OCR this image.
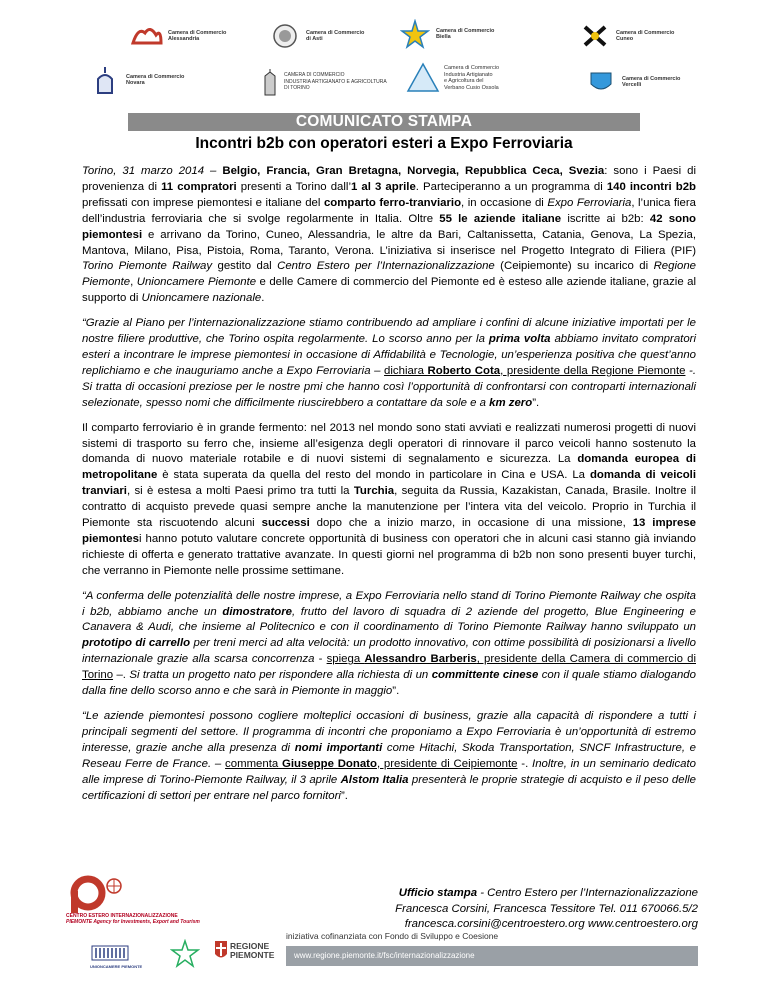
Camera di Commercio
Alessandria
Camera di Commercio
di Asti
Camera di Commercio
Biella
Camera di Commercio
Cuneo
Camera di Commercio
Novara
CAMERA DI COMMERCIO
INDUSTRIA ARTIGIANATO E AGRICOLTURA
DI TORINO
Camera di Commercio
Industria Artigianato
e Agricoltura del
Verbano Cusio Ossola
Camera di Commercio
Vercelli
COMUNICATO STAMPA
Incontri b2b con operatori esteri a Expo Ferroviaria

Torino, 31 marzo 2014 – Belgio, Francia, Gran Bretagna, Norvegia, Repubblica Ceca, Svezia: sono i Paesi di provenienza di 11 compratori presenti a Torino dall’1 al 3 aprile. Parteciperanno a un programma di 140 incontri b2b prefissati con imprese piemontesi e italiane del comparto ferro-tranviario, in occasione di Expo Ferroviaria, l’unica fiera dell’industria ferroviaria che si svolge regolarmente in Italia. Oltre 55 le aziende italiane iscritte ai b2b: 42 sono piemontesi e arrivano da Torino, Cuneo, Alessandria, le altre da Bari, Caltanissetta, Catania, Genova, La Spezia, Mantova, Milano, Pisa, Pistoia, Roma, Taranto, Verona. L’iniziativa si inserisce nel Progetto Integrato di Filiera (PIF) Torino Piemonte Railway gestito dal Centro Estero per l’Internazionalizzazione (Ceipiemonte) su incarico di Regione Piemonte, Unioncamere Piemonte e delle Camere di commercio del Piemonte ed è esteso alle aziende italiane, grazie al supporto di Unioncamere nazionale.

“Grazie al Piano per l’internazionalizzazione stiamo contribuendo ad ampliare i confini di alcune iniziative importati per le nostre filiere produttive, che Torino ospita regolarmente. Lo scorso anno per la prima volta abbiamo invitato compratori esteri a incontrare le imprese piemontesi in occasione di Affidabilità e Tecnologie, un’esperienza positiva che quest’anno replichiamo e che inauguriamo anche a Expo Ferroviaria – dichiara Roberto Cota, presidente della Regione Piemonte -. Si tratta di occasioni preziose per le nostre pmi che hanno così l’opportunità di confrontarsi con controparti internazionali selezionate, spesso nomi che difficilmente riuscirebbero a contattare da sole e a km zero”.

Il comparto ferroviario è in grande fermento: nel 2013 nel mondo sono stati avviati e realizzati numerosi progetti di nuovi sistemi di trasporto su ferro che, insieme all’esigenza degli operatori di rinnovare il parco veicoli hanno sostenuto la domanda di nuovo materiale rotabile e di nuovi sistemi di segnalamento e sicurezza. La domanda europea di metropolitane è stata superata da quella del resto del mondo in particolare in Cina e USA. La domanda di veicoli tranviari, si è estesa a molti Paesi primo tra tutti la Turchia, seguita da Russia, Kazakistan, Canada, Brasile. Inoltre il contratto di acquisto prevede quasi sempre anche la manutenzione per l’intera vita del veicolo. Proprio in Turchia il Piemonte sta riscuotendo alcuni successi dopo che a inizio marzo, in occasione di una missione, 13 imprese piemontesi hanno potuto valutare concrete opportunità di business con operatori che in alcuni casi stanno già inviando richieste di offerta e generato trattative avanzate. In questi giorni nel programma di b2b non sono presenti buyer turchi, che verranno in Piemonte nelle prossime settimane.

“A conferma delle potenzialità delle nostre imprese, a Expo Ferroviaria nello stand di Torino Piemonte Railway che ospita i b2b, abbiamo anche un dimostratore, frutto del lavoro di squadra di 2 aziende del progetto, Blue Engineering e Canavera & Audi, che insieme al Politecnico e con il coordinamento di Torino Piemonte Railway hanno sviluppato un prototipo di carrello per treni merci ad alta velocità: un prodotto innovativo, con ottime possibilità di posizionarsi a livello internazionale grazie alla scarsa concorrenza - spiega Alessandro Barberis, presidente della Camera di commercio di Torino –. Si tratta un progetto nato per rispondere alla richiesta di un committente cinese con il quale stiamo dialogando dalla fine dello scorso anno e che sarà in Piemonte in maggio”.

“Le aziende piemontesi possono cogliere molteplici occasioni di business, grazie alla capacità di rispondere a tutti i principali segmenti del settore. Il programma di incontri che proponiamo a Expo Ferroviaria è un’opportunità di estremo interesse, grazie anche alla presenza di nomi importanti come Hitachi, Skoda Transportation, SNCF Infrastructure, e Reseau Ferre de France. – commenta Giuseppe Donato, presidente di Ceipiemonte -. Inoltre, in un seminario dedicato alle imprese di Torino-Piemonte Railway, il 3 aprile Alstom Italia presenterà le proprie strategie di acquisto e il peso delle certificazioni di settori per entrare nel parco fornitori”.

CENTRO ESTERO INTERNAZIONALIZZAZIONE
PIEMONTE Agency for Investments, Export and Tourism
UNIONCAMERE PIEMONTE
REGIONE PIEMONTE
Ufficio stampa - Centro Estero per l’Internazionalizzazione
Francesca Corsini, Francesca Tessitore Tel. 011 670066.5/2
francesca.corsini@centroestero.org www.centroestero.org
iniziativa cofinanziata con Fondo di Sviluppo e Coesione
www.regione.piemonte.it/fsc/internazionalizzazione
